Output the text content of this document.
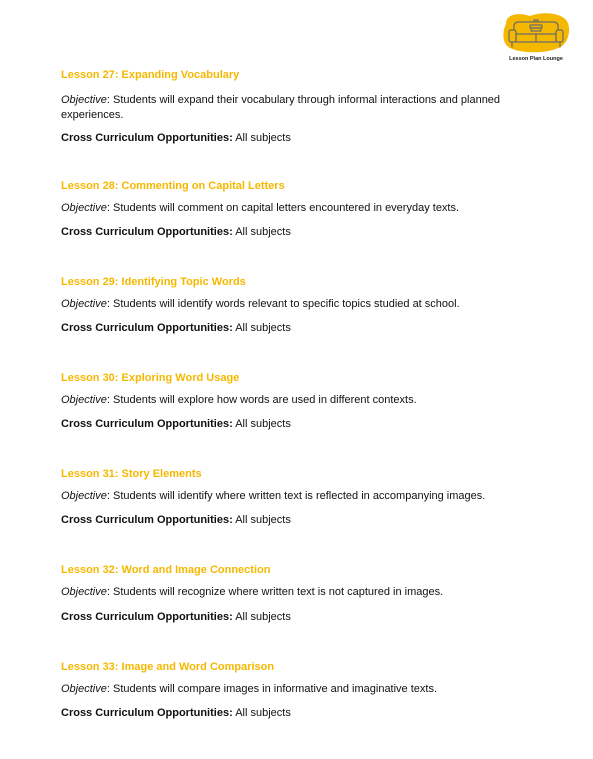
Lesson Plan Lounge
Lesson 27: Expanding Vocabulary
Objective: Students will expand their vocabulary through informal interactions and planned experiences.
Cross Curriculum Opportunities: All subjects
Lesson 28: Commenting on Capital Letters
Objective: Students will comment on capital letters encountered in everyday texts.
Cross Curriculum Opportunities: All subjects
Lesson 29: Identifying Topic Words
Objective: Students will identify words relevant to specific topics studied at school.
Cross Curriculum Opportunities: All subjects
Lesson 30: Exploring Word Usage
Objective: Students will explore how words are used in different contexts.
Cross Curriculum Opportunities: All subjects
Lesson 31: Story Elements
Objective: Students will identify where written text is reflected in accompanying images.
Cross Curriculum Opportunities: All subjects
Lesson 32: Word and Image Connection
Objective: Students will recognize where written text is not captured in images.
Cross Curriculum Opportunities: All subjects
Lesson 33: Image and Word Comparison
Objective: Students will compare images in informative and imaginative texts.
Cross Curriculum Opportunities: All subjects
